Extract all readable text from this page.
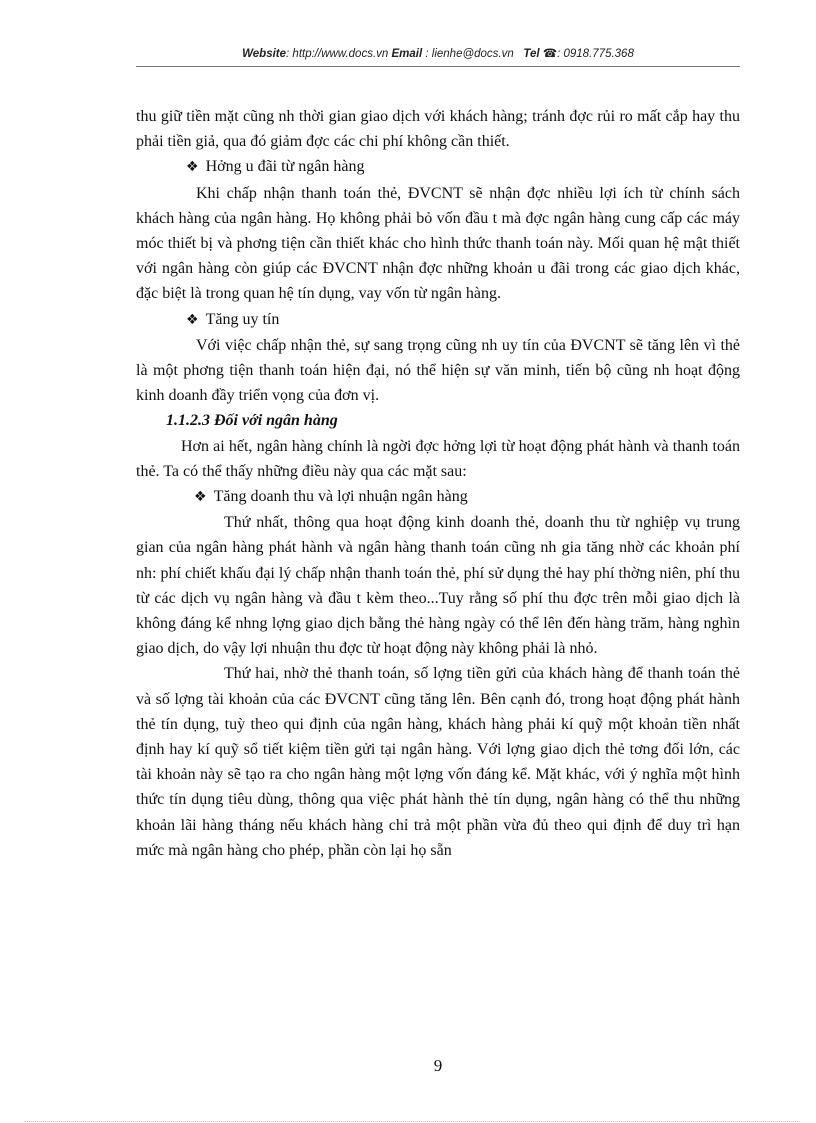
Website: http://www.docs.vn Email : lienhe@docs.vn Tel ☎: 0918.775.368

thu giữ tiền mặt cũng nh thời gian giao dịch với khách hàng; tránh đợc rủi ro mất cắp hay thu phải tiền giả, qua đó giảm đợc các chi phí không cần thiết.

❖ Hởng u đãi từ ngân hàng

Khi chấp nhận thanh toán thẻ, ĐVCNT sẽ nhận đợc nhiều lợi ích từ chính sách khách hàng của ngân hàng. Họ không phải bỏ vốn đầu t mà đợc ngân hàng cung cấp các máy móc thiết bị và phơng tiện cần thiết khác cho hình thức thanh toán này. Mối quan hệ mật thiết với ngân hàng còn giúp các ĐVCNT nhận đợc những khoản u đãi trong các giao dịch khác, đặc biệt là trong quan hệ tín dụng, vay vốn từ ngân hàng.

❖ Tăng uy tín

Với việc chấp nhận thẻ, sự sang trọng cũng nh uy tín của ĐVCNT sẽ tăng lên vì thẻ là một phơng tiện thanh toán hiện đại, nó thể hiện sự văn minh, tiến bộ cũng nh hoạt động kinh doanh đầy triển vọng của đơn vị.

1.1.2.3 Đối với ngân hàng

Hơn ai hết, ngân hàng chính là ngời đợc hởng lợi từ hoạt động phát hành và thanh toán thẻ. Ta có thể thấy những điều này qua các mặt sau:

❖ Tăng doanh thu và lợi nhuận ngân hàng

Thứ nhất, thông qua hoạt động kinh doanh thẻ, doanh thu từ nghiệp vụ trung gian của ngân hàng phát hành và ngân hàng thanh toán cũng nh gia tăng nhờ các khoản phí nh: phí chiết khấu đại lý chấp nhận thanh toán thẻ, phí sử dụng thẻ hay phí thờng niên, phí thu từ các dịch vụ ngân hàng và đầu t kèm theo...Tuy rằng số phí thu đợc trên mỗi giao dịch là không đáng kể nhng lợng giao dịch bằng thẻ hàng ngày có thể lên đến hàng trăm, hàng nghìn giao dịch, do vậy lợi nhuận thu đợc từ hoạt động này không phải là nhỏ.

Thứ hai, nhờ thẻ thanh toán, số lợng tiền gửi của khách hàng để thanh toán thẻ và số lợng tài khoản của các ĐVCNT cũng tăng lên. Bên cạnh đó, trong hoạt động phát hành thẻ tín dụng, tuỳ theo qui định của ngân hàng, khách hàng phải kí quỹ một khoản tiền nhất định hay kí quỹ sổ tiết kiệm tiền gửi tại ngân hàng. Với lợng giao dịch thẻ tơng đối lớn, các tài khoản này sẽ tạo ra cho ngân hàng một lợng vốn đáng kể. Mặt khác, với ý nghĩa một hình thức tín dụng tiêu dùng, thông qua việc phát hành thẻ tín dụng, ngân hàng có thể thu những khoản lãi hàng tháng nếu khách hàng chỉ trả một phần vừa đủ theo qui định để duy trì hạn mức mà ngân hàng cho phép, phần còn lại họ sẵn

9
